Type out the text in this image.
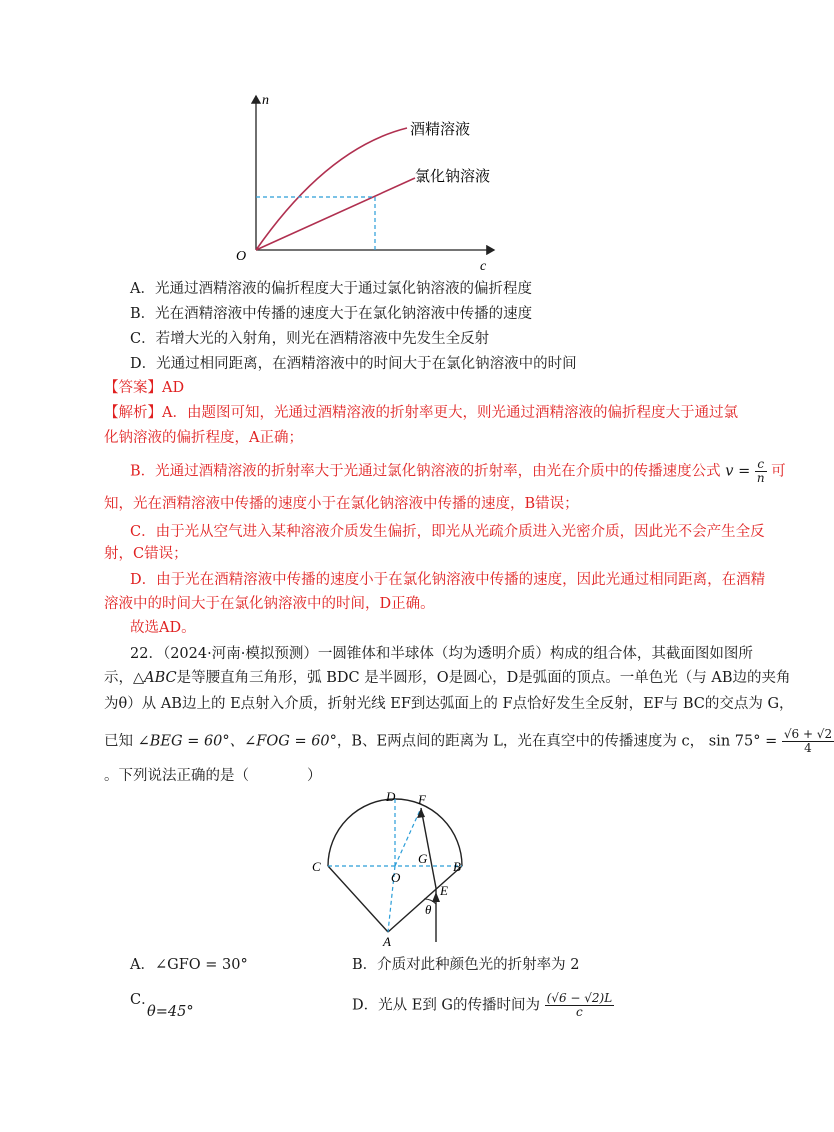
n
c
O
酒精溶液
氯化钠溶液
A．光通过酒精溶液的偏折程度大于通过氯化钠溶液的偏折程度
B．光在酒精溶液中传播的速度大于在氯化钠溶液中传播的速度
C．若增大光的入射角，则光在酒精溶液中先发生全反射
D．光通过相同距离，在酒精溶液中的时间大于在氯化钠溶液中的时间
【答案】AD
【解析】A．由题图可知，光通过酒精溶液的折射率更大，则光通过酒精溶液的偏折程度大于通过氯
化钠溶液的偏折程度，A正确；
B．光通过酒精溶液的折射率大于光通过氯化钠溶液的折射率，由光在介质中的传播速度公式 $v = \frac{c}{n}$ 可
知，光在酒精溶液中传播的速度小于在氯化钠溶液中传播的速度，B错误；
C．由于光从空气进入某种溶液介质发生偏折，即光从光疏介质进入光密介质，因此光不会产生全反
射，C错误；
D．由于光在酒精溶液中传播的速度小于在氯化钠溶液中传播的速度，因此光通过相同距离，在酒精
溶液中的时间大于在氯化钠溶液中的时间，D正确。
故选AD。
22．（2024·河南·模拟预测）一圆锥体和半球体（均为透明介质）构成的组合体，其截面图如图所
示，△ABC是等腰直角三角形，弧 BDC 是半圆形，O是圆心，D是弧面的顶点。一单色光（与 AB边的夹角
为θ）从 AB边上的 E点射入介质，折射光线 EF到达弧面上的 F点恰好发生全反射，EF与 BC的交点为 G，
已知 ∠BEG = 60°、∠FOG = 60°，B、E两点间的距离为 L，光在真空中的传播速度为 c， $\sin 75^\circ = \frac{√6 + √2}{4}$
。下列说法正确的是（　　　　）
D F
C
O
G
B
E
A
θ
A．∠GFO = 30°	B．介质对此种颜色光的折射率为 2
C．
θ=45°	D．光从 E到 G的传播时间为 $\frac{(√6 - √2)L}{c}$
